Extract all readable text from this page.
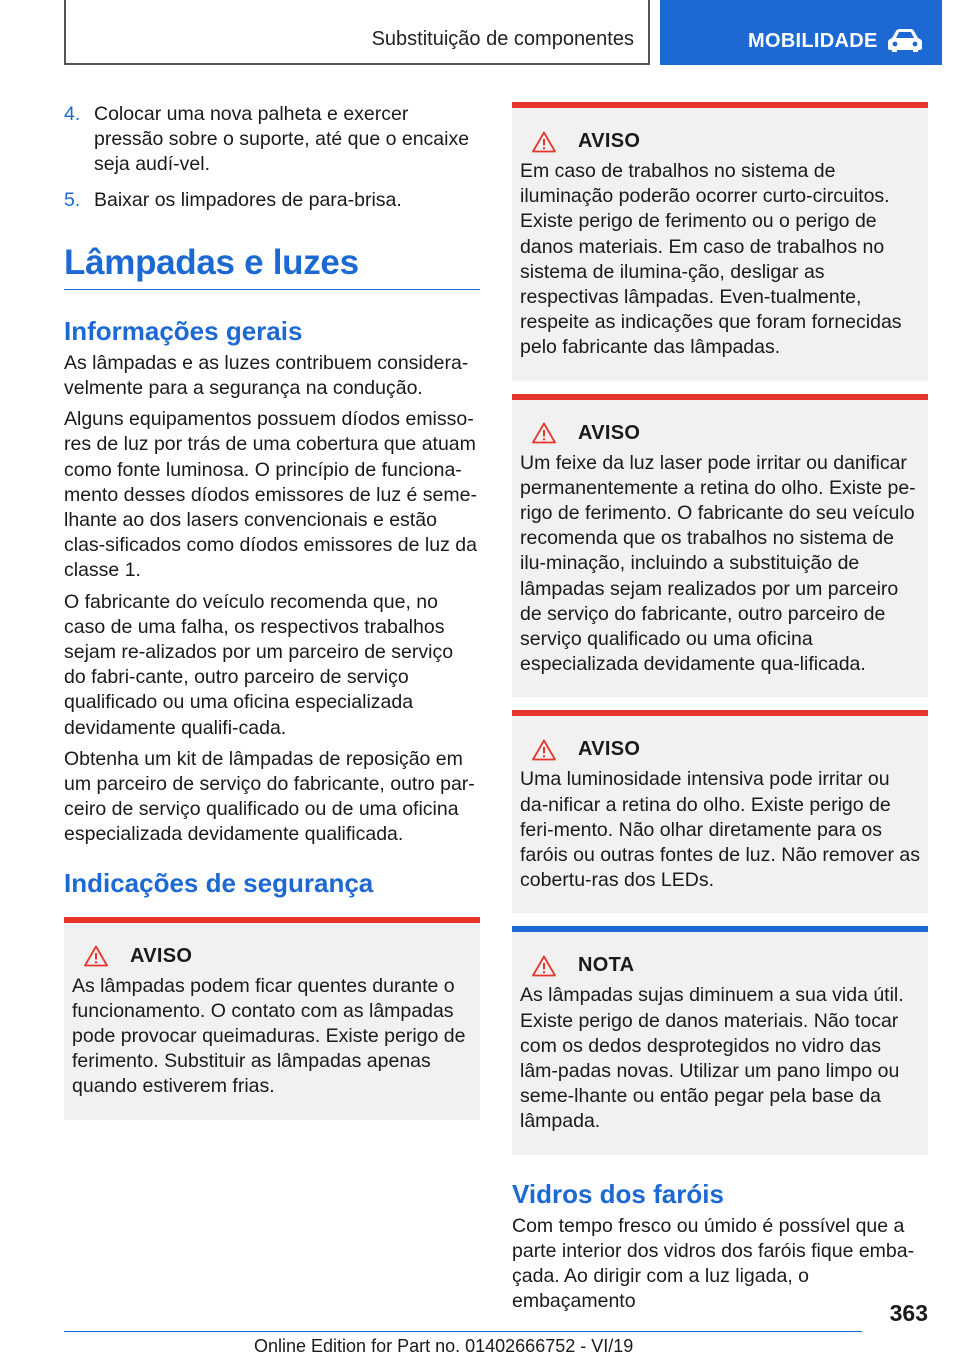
Substituição de componentes	MOBILIDADE
4. Colocar uma nova palheta e exercer pressão sobre o suporte, até que o encaixe seja audí-vel.
5. Baixar os limpadores de para-brisa.
Lâmpadas e luzes
Informações gerais

As lâmpadas e as luzes contribuem considera-velmente para a segurança na condução.

Alguns equipamentos possuem díodos emisso-res de luz por trás de uma cobertura que atuam como fonte luminosa. O princípio de funciona-mento desses díodos emissores de luz é seme-lhante ao dos lasers convencionais e estão clas-sificados como díodos emissores de luz da classe 1.

O fabricante do veículo recomenda que, no caso de uma falha, os respectivos trabalhos sejam re-alizados por um parceiro de serviço do fabri-cante, outro parceiro de serviço qualificado ou uma oficina especializada devidamente qualifi-cada.

Obtenha um kit de lâmpadas de reposição em um parceiro de serviço do fabricante, outro par-ceiro de serviço qualificado ou de uma oficina especializada devidamente qualificada.

Indicações de segurança
AVISO
As lâmpadas podem ficar quentes durante o funcionamento. O contato com as lâmpadas pode provocar queimaduras. Existe perigo de ferimento. Substituir as lâmpadas apenas quando estiverem frias.
AVISO
Em caso de trabalhos no sistema de iluminação poderão ocorrer curto-circuitos. Existe perigo de ferimento ou o perigo de danos materiais. Em caso de trabalhos no sistema de ilumina-ção, desligar as respectivas lâmpadas. Even-tualmente, respeite as indicações que foram fornecidas pelo fabricante das lâmpadas.
AVISO
Um feixe da luz laser pode irritar ou danificar permanentemente a retina do olho. Existe pe-rigo de ferimento. O fabricante do seu veículo recomenda que os trabalhos no sistema de ilu-minação, incluindo a substituição de lâmpadas sejam realizados por um parceiro de serviço do fabricante, outro parceiro de serviço qualificado ou uma oficina especializada devidamente qua-lificada.
AVISO
Uma luminosidade intensiva pode irritar ou da-nificar a retina do olho. Existe perigo de feri-mento. Não olhar diretamente para os faróis ou outras fontes de luz. Não remover as cobertu-ras dos LEDs.
NOTA
As lâmpadas sujas diminuem a sua vida útil. Existe perigo de danos materiais. Não tocar com os dedos desprotegidos no vidro das lâm-padas novas. Utilizar um pano limpo ou seme-lhante ou então pegar pela base da lâmpada.
Vidros dos faróis

Com tempo fresco ou úmido é possível que a parte interior dos vidros dos faróis fique emba-çada. Ao dirigir com a luz ligada, o embaçamento	363
Online Edition for Part no. 01402666752 - VI/19
